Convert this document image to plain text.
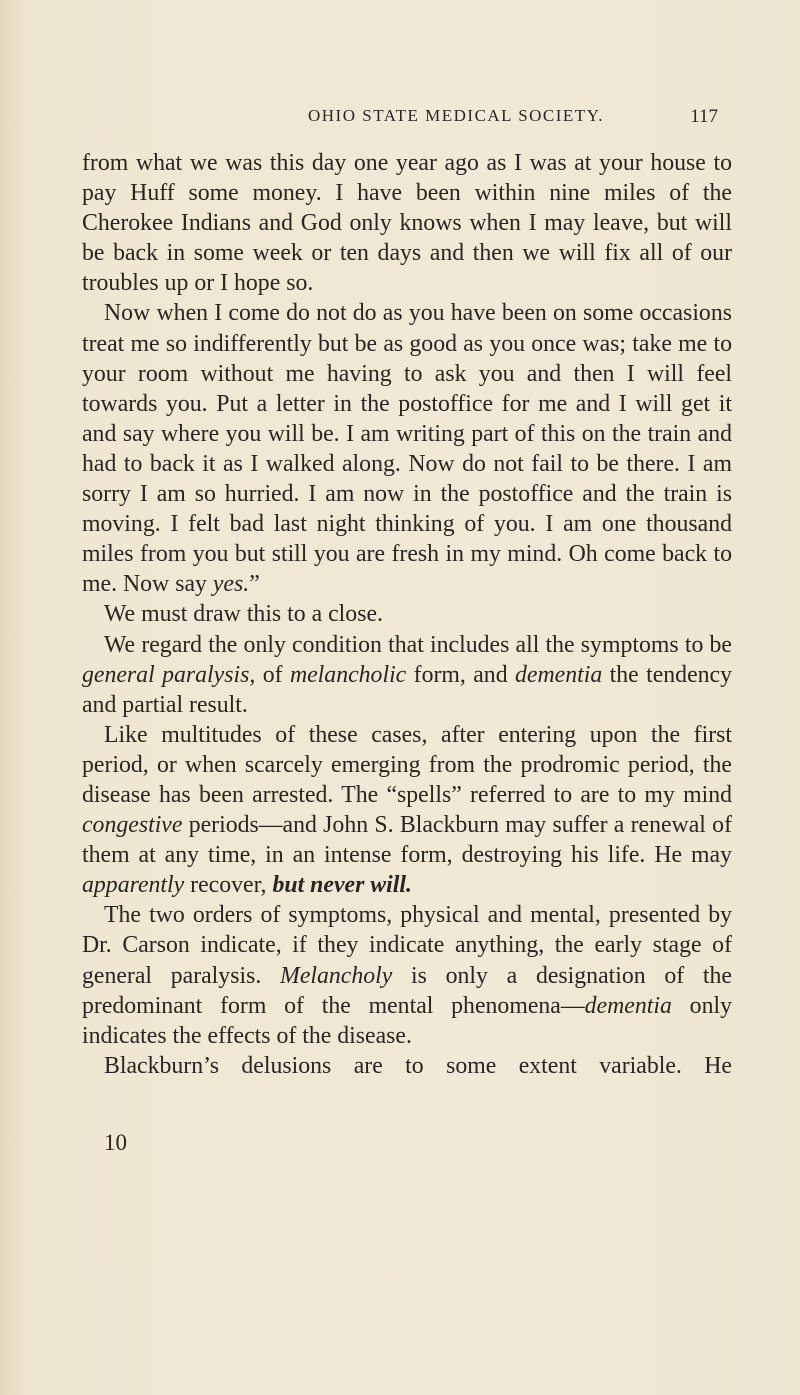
OHIO STATE MEDICAL SOCIETY.	117

from what we was this day one year ago as I was at your house to pay Huff some money. I have been within nine miles of the Cherokee Indians and God only knows when I may leave, but will be back in some week or ten days and then we will fix all of our troubles up or I hope so.

Now when I come do not do as you have been on some occasions treat me so indifferently but be as good as you once was; take me to your room without me having to ask you and then I will feel towards you. Put a letter in the postoffice for me and I will get it and say where you will be. I am writing part of this on the train and had to back it as I walked along. Now do not fail to be there. I am sorry I am so hurried. I am now in the postoffice and the train is moving. I felt bad last night thinking of you. I am one thousand miles from you but still you are fresh in my mind. Oh come back to me. Now say yes.”

We must draw this to a close.

We regard the only condition that includes all the symptoms to be general paralysis, of melancholic form, and dementia the tendency and partial result.

Like multitudes of these cases, after entering upon the first period, or when scarcely emerging from the prodromic period, the disease has been arrested. The “spells” referred to are to my mind congestive periods—and John S. Blackburn may suffer a renewal of them at any time, in an intense form, destroying his life. He may apparently recover, but never will.

The two orders of symptoms, physical and mental, presented by Dr. Carson indicate, if they indicate anything, the early stage of general paralysis. Melancholy is only a designation of the predominant form of the mental phenomena—dementia only indicates the effects of the disease.

Blackburn’s delusions are to some extent variable. He

10
